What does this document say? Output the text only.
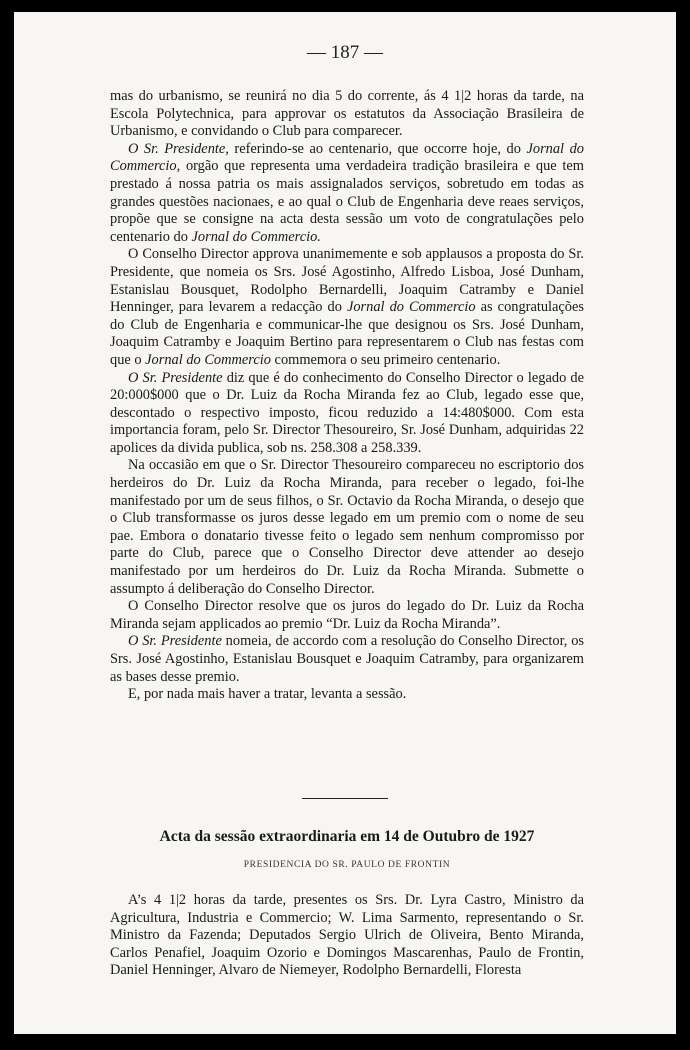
— 187 —

mas do urbanismo, se reunirá no dia 5 do corrente, ás 4 1|2 horas da tarde, na Escola Polytechnica, para approvar os estatutos da Associação Brasileira de Urbanismo, e convidando o Club para comparecer.

O Sr. Presidente, referindo-se ao centenario, que occorre hoje, do Jornal do Commercio, orgão que representa uma verdadeira tradição brasileira e que tem prestado á nossa patria os mais assignalados serviços, sobretudo em todas as grandes questões nacionaes, e ao qual o Club de Engenharia deve reaes serviços, propõe que se consigne na acta desta sessão um voto de congratulações pelo centenario do Jornal do Commercio.

O Conselho Director approva unanimemente e sob applausos a proposta do Sr. Presidente, que nomeia os Srs. José Agostinho, Alfredo Lisboa, José Dunham, Estanislau Bousquet, Rodolpho Bernardelli, Joaquim Catramby e Daniel Henninger, para levarem a redacção do Jornal do Commercio as congratulações do Club de Engenharia e communicar-lhe que designou os Srs. José Dunham, Joaquim Catramby e Joaquim Bertino para representarem o Club nas festas com que o Jornal do Commercio commemora o seu primeiro centenario.

O Sr. Presidente diz que é do conhecimento do Conselho Director o legado de 20:000$000 que o Dr. Luiz da Rocha Miranda fez ao Club, legado esse que, descontado o respectivo imposto, ficou reduzido a 14:480$000. Com esta importancia foram, pelo Sr. Director Thesoureiro, Sr. José Dunham, adquiridas 22 apolices da divida publica, sob ns. 258.308 a 258.339.

Na occasião em que o Sr. Director Thesoureiro compareceu no escriptorio dos herdeiros do Dr. Luiz da Rocha Miranda, para receber o legado, foi-lhe manifestado por um de seus filhos, o Sr. Octavio da Rocha Miranda, o desejo que o Club transformasse os juros desse legado em um premio com o nome de seu pae. Embora o donatario tivesse feito o legado sem nenhum compromisso por parte do Club, parece que o Conselho Director deve attender ao desejo manifestado por um herdeiros do Dr. Luiz da Rocha Miranda. Submette o assumpto á deliberação do Conselho Director.

O Conselho Director resolve que os juros do legado do Dr. Luiz da Rocha Miranda sejam applicados ao premio “Dr. Luiz da Rocha Miranda”.

O Sr. Presidente nomeia, de accordo com a resolução do Conselho Director, os Srs. José Agostinho, Estanislau Bousquet e Joaquim Catramby, para organizarem as bases desse premio.

E, por nada mais haver a tratar, levanta a sessão.

Acta da sessão extraordinaria em 14 de Outubro de 1927
PRESIDENCIA DO SR. PAULO DE FRONTIN

A’s 4 1|2 horas da tarde, presentes os Srs. Dr. Lyra Castro, Ministro da Agricultura, Industria e Commercio; W. Lima Sarmento, representando o Sr. Ministro da Fazenda; Deputados Sergio Ulrich de Oliveira, Bento Miranda, Carlos Penafiel, Joaquim Ozorio e Domingos Mascarenhas, Paulo de Frontin, Daniel Henninger, Alvaro de Niemeyer, Rodolpho Bernardelli, Floresta
